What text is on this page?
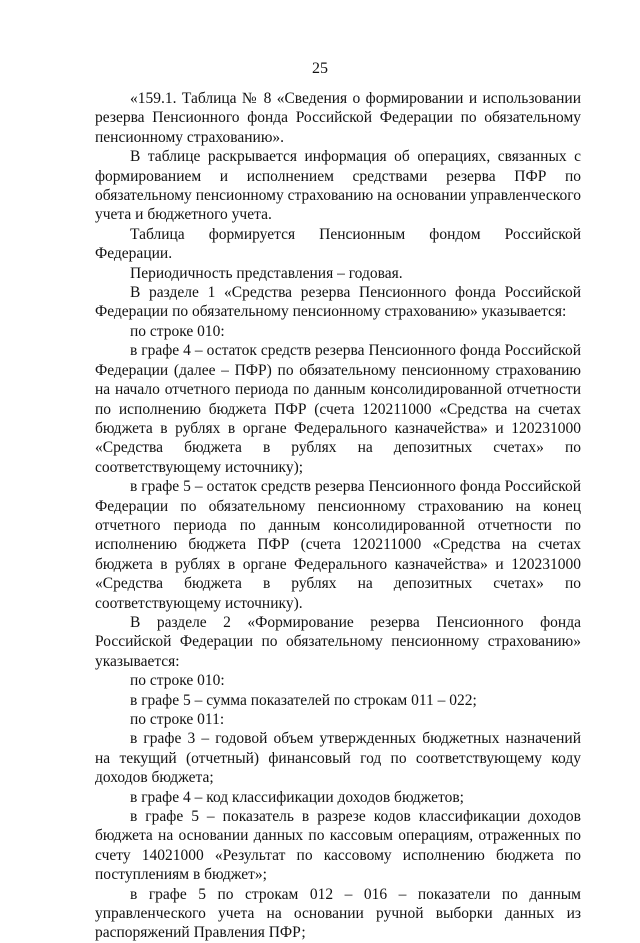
25

«159.1. Таблица № 8 «Сведения о формировании и использовании резерва Пенсионного фонда Российской Федерации по обязательному пенсионному страхованию».

В таблице раскрывается информация об операциях, связанных с формированием и исполнением средствами резерва ПФР по обязательному пенсионному страхованию на основании управленческого учета и бюджетного учета.

Таблица формируется Пенсионным фондом Российской Федерации.

Периодичность представления – годовая.

В разделе 1 «Средства резерва Пенсионного фонда Российской Федерации по обязательному пенсионному страхованию» указывается:

по строке 010:

в графе 4 – остаток средств резерва Пенсионного фонда Российской Федерации (далее – ПФР) по обязательному пенсионному страхованию на начало отчетного периода по данным консолидированной отчетности по исполнению бюджета ПФР (счета 120211000 «Средства на счетах бюджета в рублях в органе Федерального казначейства» и 120231000 «Средства бюджета в рублях на депозитных счетах» по соответствующему источнику);

в графе 5 – остаток средств резерва Пенсионного фонда Российской Федерации по обязательному пенсионному страхованию на конец отчетного периода по данным консолидированной отчетности по исполнению бюджета ПФР (счета 120211000 «Средства на счетах бюджета в рублях в органе Федерального казначейства» и 120231000 «Средства бюджета в рублях на депозитных счетах» по соответствующему источнику).

В разделе 2 «Формирование резерва Пенсионного фонда Российской Федерации по обязательному пенсионному страхованию» указывается:

по строке 010:

в графе 5 – сумма показателей по строкам 011 – 022;

по строке 011:

в графе 3 – годовой объем утвержденных бюджетных назначений на текущий (отчетный) финансовый год по соответствующему коду доходов бюджета;

в графе 4 – код классификации доходов бюджетов;

в графе 5 – показатель в разрезе кодов классификации доходов бюджета на основании данных по кассовым операциям, отраженных по счету 14021000 «Результат по кассовому исполнению бюджета по поступлениям в бюджет»;

в графе 5 по строкам 012 – 016 – показатели по данным управленческого учета на основании ручной выборки данных из распоряжений Правления ПФР;
